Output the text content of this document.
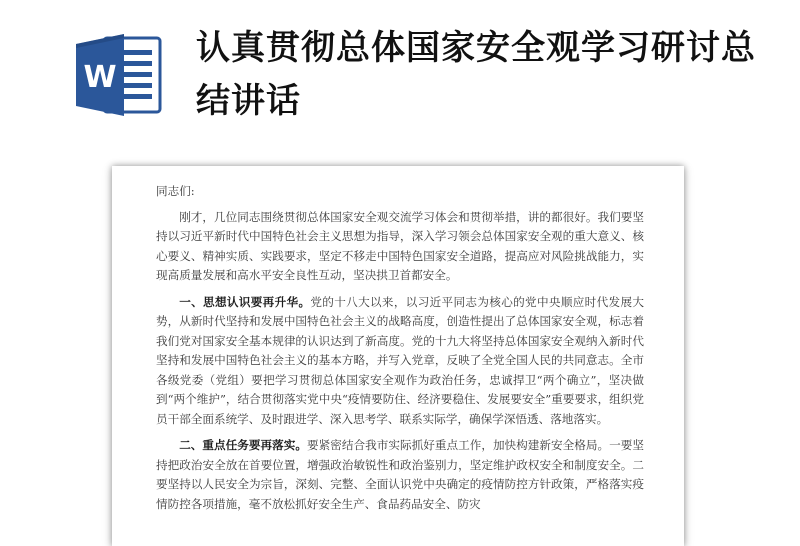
W
认真贯彻总体国家安全观学习研讨总结讲话

同志们:

刚才，几位同志围绕贯彻总体国家安全观交流学习体会和贯彻举措，讲的都很好。我们要坚持以习近平新时代中国特色社会主义思想为指导，深入学习领会总体国家安全观的重大意义、核心要义、精神实质、实践要求，坚定不移走中国特色国家安全道路，提高应对风险挑战能力，实现高质量发展和高水平安全良性互动，坚决拱卫首都安全。

一、思想认识要再升华。党的十八大以来，以习近平同志为核心的党中央顺应时代发展大势，从新时代坚持和发展中国特色社会主义的战略高度，创造性提出了总体国家安全观，标志着我们党对国家安全基本规律的认识达到了新高度。党的十九大将坚持总体国家安全观纳入新时代坚持和发展中国特色社会主义的基本方略，并写入党章，反映了全党全国人民的共同意志。全市各级党委（党组）要把学习贯彻总体国家安全观作为政治任务，忠诚捍卫“两个确立”，坚决做到“两个维护”，结合贯彻落实党中央“疫情要防住、经济要稳住、发展要安全”重要要求，组织党员干部全面系统学、及时跟进学、深入思考学、联系实际学，确保学深悟透、落地落实。

二、重点任务要再落实。要紧密结合我市实际抓好重点工作，加快构建新安全格局。一要坚持把政治安全放在首要位置，增强政治敏锐性和政治鉴别力，坚定维护政权安全和制度安全。二要坚持以人民安全为宗旨，深刻、完整、全面认识党中央确定的疫情防控方针政策，严格落实疫情防控各项措施，毫不放松抓好安全生产、食品药品安全、防灾
